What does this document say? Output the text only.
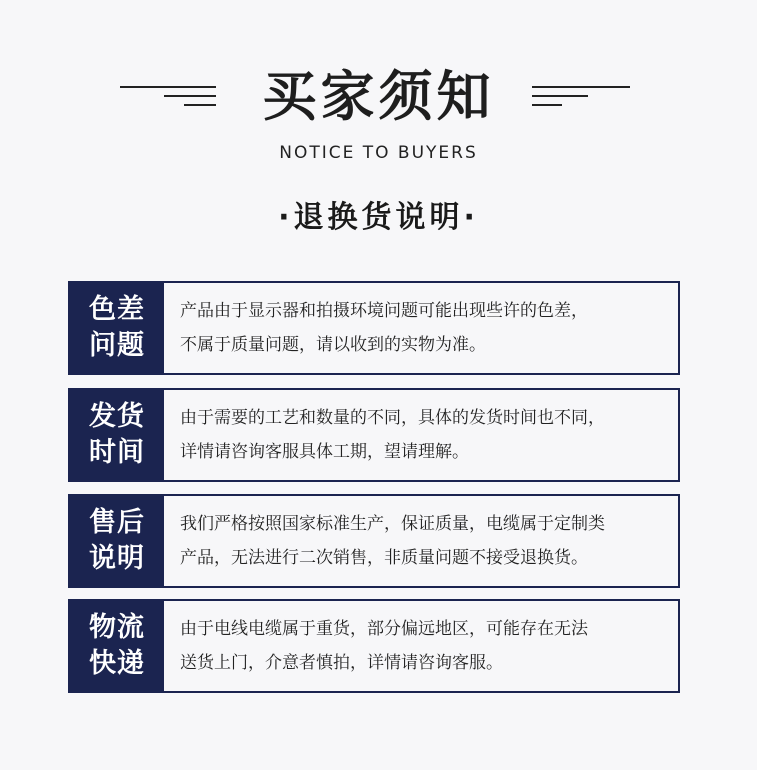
买家须知
NOTICE TO BUYERS
·退换货说明·
色差
问题
产品由于显示器和拍摄环境问题可能出现些许的色差，
不属于质量问题，请以收到的实物为准。
发货
时间
由于需要的工艺和数量的不同，具体的发货时间也不同，
详情请咨询客服具体工期，望请理解。
售后
说明
我们严格按照国家标准生产，保证质量，电缆属于定制类
产品，无法进行二次销售，非质量问题不接受退换货。
物流
快递
由于电线电缆属于重货，部分偏远地区，可能存在无法
送货上门，介意者慎拍，详情请咨询客服。
